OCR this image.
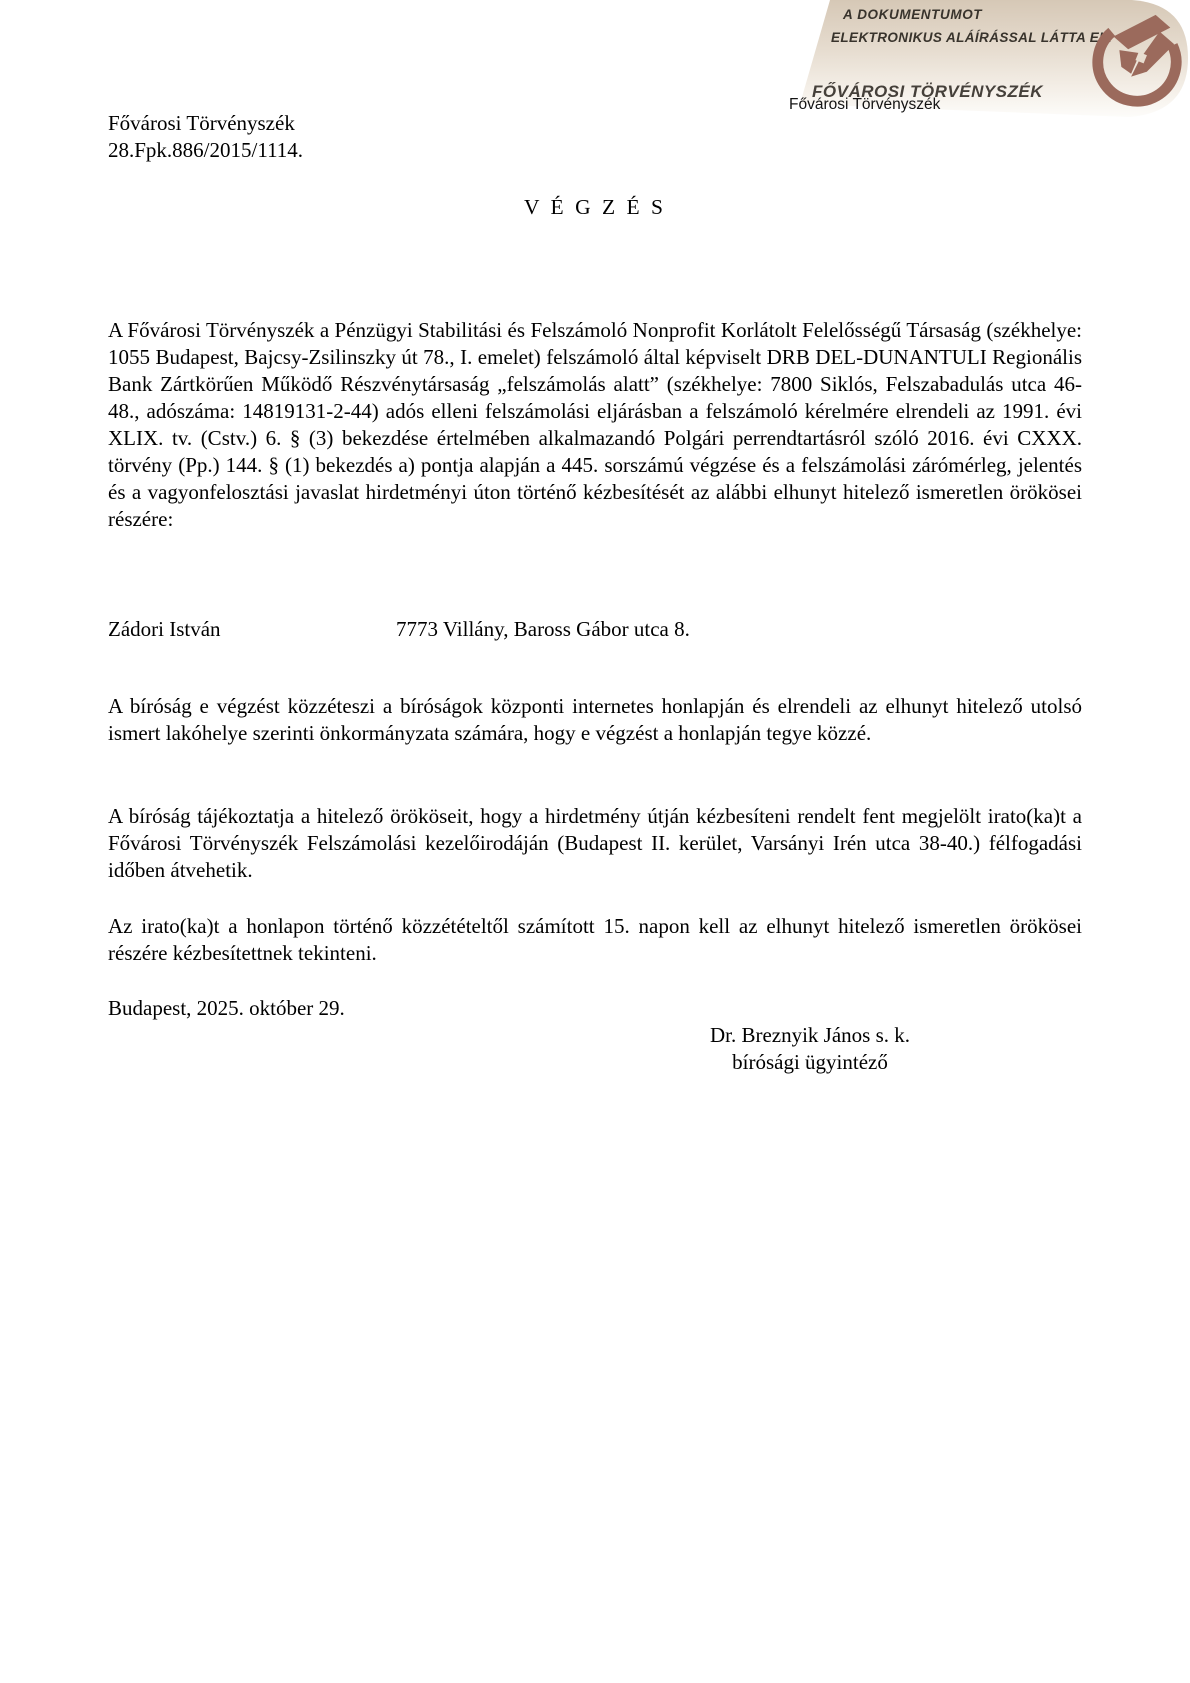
A DOKUMENTUMOT
ELEKTRONIKUS ALÁÍRÁSSAL LÁTTA EL:
FŐVÁROSI TÖRVÉNYSZÉK
Fővárosi Törvényszék
Fővárosi Törvényszék
28.Fpk.886/2015/1114.
V É G Z É S
A Fővárosi Törvényszék a Pénzügyi Stabilitási és Felszámoló Nonprofit Korlátolt Felelősségű Társaság (székhelye: 1055 Budapest, Bajcsy-Zsilinszky út 78., I. emelet) felszámoló által képviselt DRB DEL-DUNANTULI Regionális Bank Zártkörűen Működő Részvénytársaság „felszámolás alatt” (székhelye: 7800 Siklós, Felszabadulás utca 46-48., adószáma: 14819131-2-44) adós elleni felszámolási eljárásban a felszámoló kérelmére elrendeli az 1991. évi XLIX. tv. (Cstv.) 6. § (3) bekezdése értelmében alkalmazandó Polgári perrendtartásról szóló 2016. évi CXXX. törvény (Pp.) 144. § (1) bekezdés a) pontja alapján a 445. sorszámú végzése és a felszámolási zárómérleg, jelentés és a vagyonfelosztási javaslat hirdetményi úton történő kézbesítését az alábbi elhunyt hitelező ismeretlen örökösei részére:
Zádori István	7773 Villány, Baross Gábor utca 8.
A bíróság e végzést közzéteszi a bíróságok központi internetes honlapján és elrendeli az elhunyt hitelező utolsó ismert lakóhelye szerinti önkormányzata számára, hogy e végzést a honlapján tegye közzé.
A bíróság tájékoztatja a hitelező örököseit, hogy a hirdetmény útján kézbesíteni rendelt fent megjelölt irato(ka)t a Fővárosi Törvényszék Felszámolási kezelőirodáján (Budapest II. kerület, Varsányi Irén utca 38-40.) félfogadási időben átvehetik.
Az irato(ka)t a honlapon történő közzétételtől számított 15. napon kell az elhunyt hitelező ismeretlen örökösei részére kézbesítettnek tekinteni.
Budapest, 2025. október 29.
Dr. Breznyik János s. k.
bírósági ügyintéző
